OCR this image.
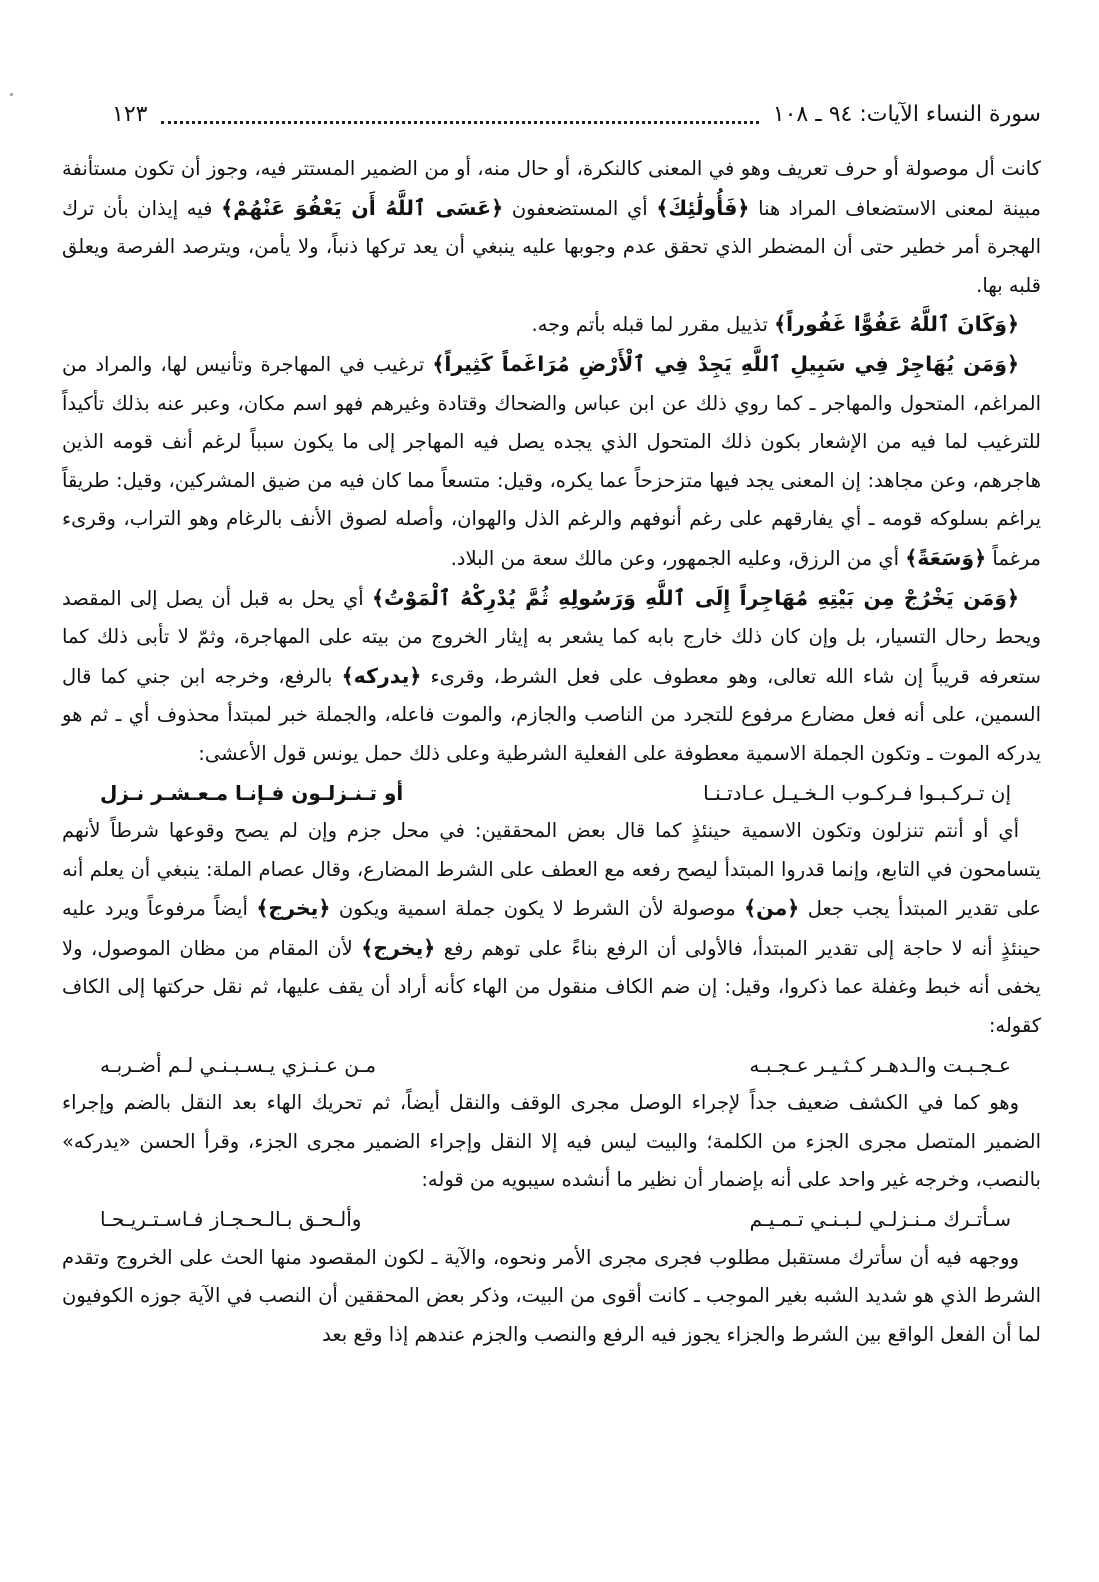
سورة النساء الآيات: ٩٤ ـ ١٠٨
١٢٣

كانت أل موصولة أو حرف تعريف وهو في المعنى كالنكرة، أو حال منه، أو من الضمير المستتر فيه، وجوز أن تكون مستأنفة مبينة لمعنى الاستضعاف المراد هنا ﴿فَأُولَٰئِكَ﴾ أي المستضعفون ﴿عَسَى ٱللَّهُ أَن يَعْفُوَ عَنْهُمْ﴾ فيه إيذان بأن ترك الهجرة أمر خطير حتى أن المضطر الذي تحقق عدم وجوبها عليه ينبغي أن يعد تركها ذنباً، ولا يأمن، ويترصد الفرصة ويعلق قلبه بها.

﴿وَكَانَ ٱللَّهُ عَفُوًّا غَفُوراً﴾ تذييل مقرر لما قبله بأتم وجه.

﴿وَمَن يُهَاجِرْ فِي سَبِيلِ ٱللَّهِ يَجِدْ فِي ٱلْأَرْضِ مُرَاغَماً كَثِيراً﴾ ترغيب في المهاجرة وتأنيس لها، والمراد من المراغم، المتحول والمهاجر ـ كما روي ذلك عن ابن عباس والضحاك وقتادة وغيرهم فهو اسم مكان، وعبر عنه بذلك تأكيداً للترغيب لما فيه من الإشعار بكون ذلك المتحول الذي يجده يصل فيه المهاجر إلى ما يكون سبباً لرغم أنف قومه الذين هاجرهم، وعن مجاهد: إن المعنى يجد فيها متزحزحاً عما يكره، وقيل: متسعاً مما كان فيه من ضيق المشركين، وقيل: طريقاً يراغم بسلوكه قومه ـ أي يفارقهم على رغم أنوفهم والرغم الذل والهوان، وأصله لصوق الأنف بالرغام وهو التراب، وقرىء مرغماً ﴿وَسَعَةً﴾ أي من الرزق، وعليه الجمهور، وعن مالك سعة من البلاد.

﴿وَمَن يَخْرُجْ مِن بَيْتِهِ مُهَاجِراً إِلَى ٱللَّهِ وَرَسُولِهِ ثُمَّ يُدْرِكْهُ ٱلْمَوْتُ﴾ أي يحل به قبل أن يصل إلى المقصد ويحط رحال التسيار، بل وإن كان ذلك خارج بابه كما يشعر به إيثار الخروج من بيته على المهاجرة، وثمّ لا تأبى ذلك كما ستعرفه قريباً إن شاء الله تعالى، وهو معطوف على فعل الشرط، وقرىء ﴿يدركه﴾ بالرفع، وخرجه ابن جني كما قال السمين، على أنه فعل مضارع مرفوع للتجرد من الناصب والجازم، والموت فاعله، والجملة خبر لمبتدأ محذوف أي ـ ثم هو يدركه الموت ـ وتكون الجملة الاسمية معطوفة على الفعلية الشرطية وعلى ذلك حمل يونس قول الأعشى:

إن تـركـبـوا فـركـوب الـخـيـل عـادتـنـا
أو تـنـزلـون فـإنـا مـعـشـر نـزل

أي أو أنتم تنزلون وتكون الاسمية حينئذٍ كما قال بعض المحققين: في محل جزم وإن لم يصح وقوعها شرطاً لأنهم يتسامحون في التابع، وإنما قدروا المبتدأ ليصح رفعه مع العطف على الشرط المضارع، وقال عصام الملة: ينبغي أن يعلم أنه على تقدير المبتدأ يجب جعل ﴿من﴾ موصولة لأن الشرط لا يكون جملة اسمية ويكون ﴿يخرج﴾ أيضاً مرفوعاً ويرد عليه حينئذٍ أنه لا حاجة إلى تقدير المبتدأ، فالأولى أن الرفع بناءً على توهم رفع ﴿يخرج﴾ لأن المقام من مظان الموصول، ولا يخفى أنه خبط وغفلة عما ذكروا، وقيل: إن ضم الكاف منقول من الهاء كأنه أراد أن يقف عليها، ثم نقل حركتها إلى الكاف كقوله:

عـجـبـت والـدهـر كـثـيـر عـجـبـه
مـن عـنـزي يـسـبـنـي لـم أضـربـه

وهو كما في الكشف ضعيف جداً لإجراء الوصل مجرى الوقف والنقل أيضاً، ثم تحريك الهاء بعد النقل بالضم وإجراء الضمير المتصل مجرى الجزء من الكلمة؛ والبيت ليس فيه إلا النقل وإجراء الضمير مجرى الجزء، وقرأ الحسن «يدركه» بالنصب، وخرجه غير واحد على أنه بإضمار أن نظير ما أنشده سيبويه من قوله:

سـأتـرك مـنـزلـي لـبـنـي تـمـيـم
وألـحـق بـالـحـجـاز فـاسـتـريـحـا

ووجهه فيه أن سأترك مستقبل مطلوب فجرى مجرى الأمر ونحوه، والآية ـ لكون المقصود منها الحث على الخروج وتقدم الشرط الذي هو شديد الشبه بغير الموجب ـ كانت أقوى من البيت، وذكر بعض المحققين أن النصب في الآية جوزه الكوفيون لما أن الفعل الواقع بين الشرط والجزاء يجوز فيه الرفع والنصب والجزم عندهم إذا وقع بعد
